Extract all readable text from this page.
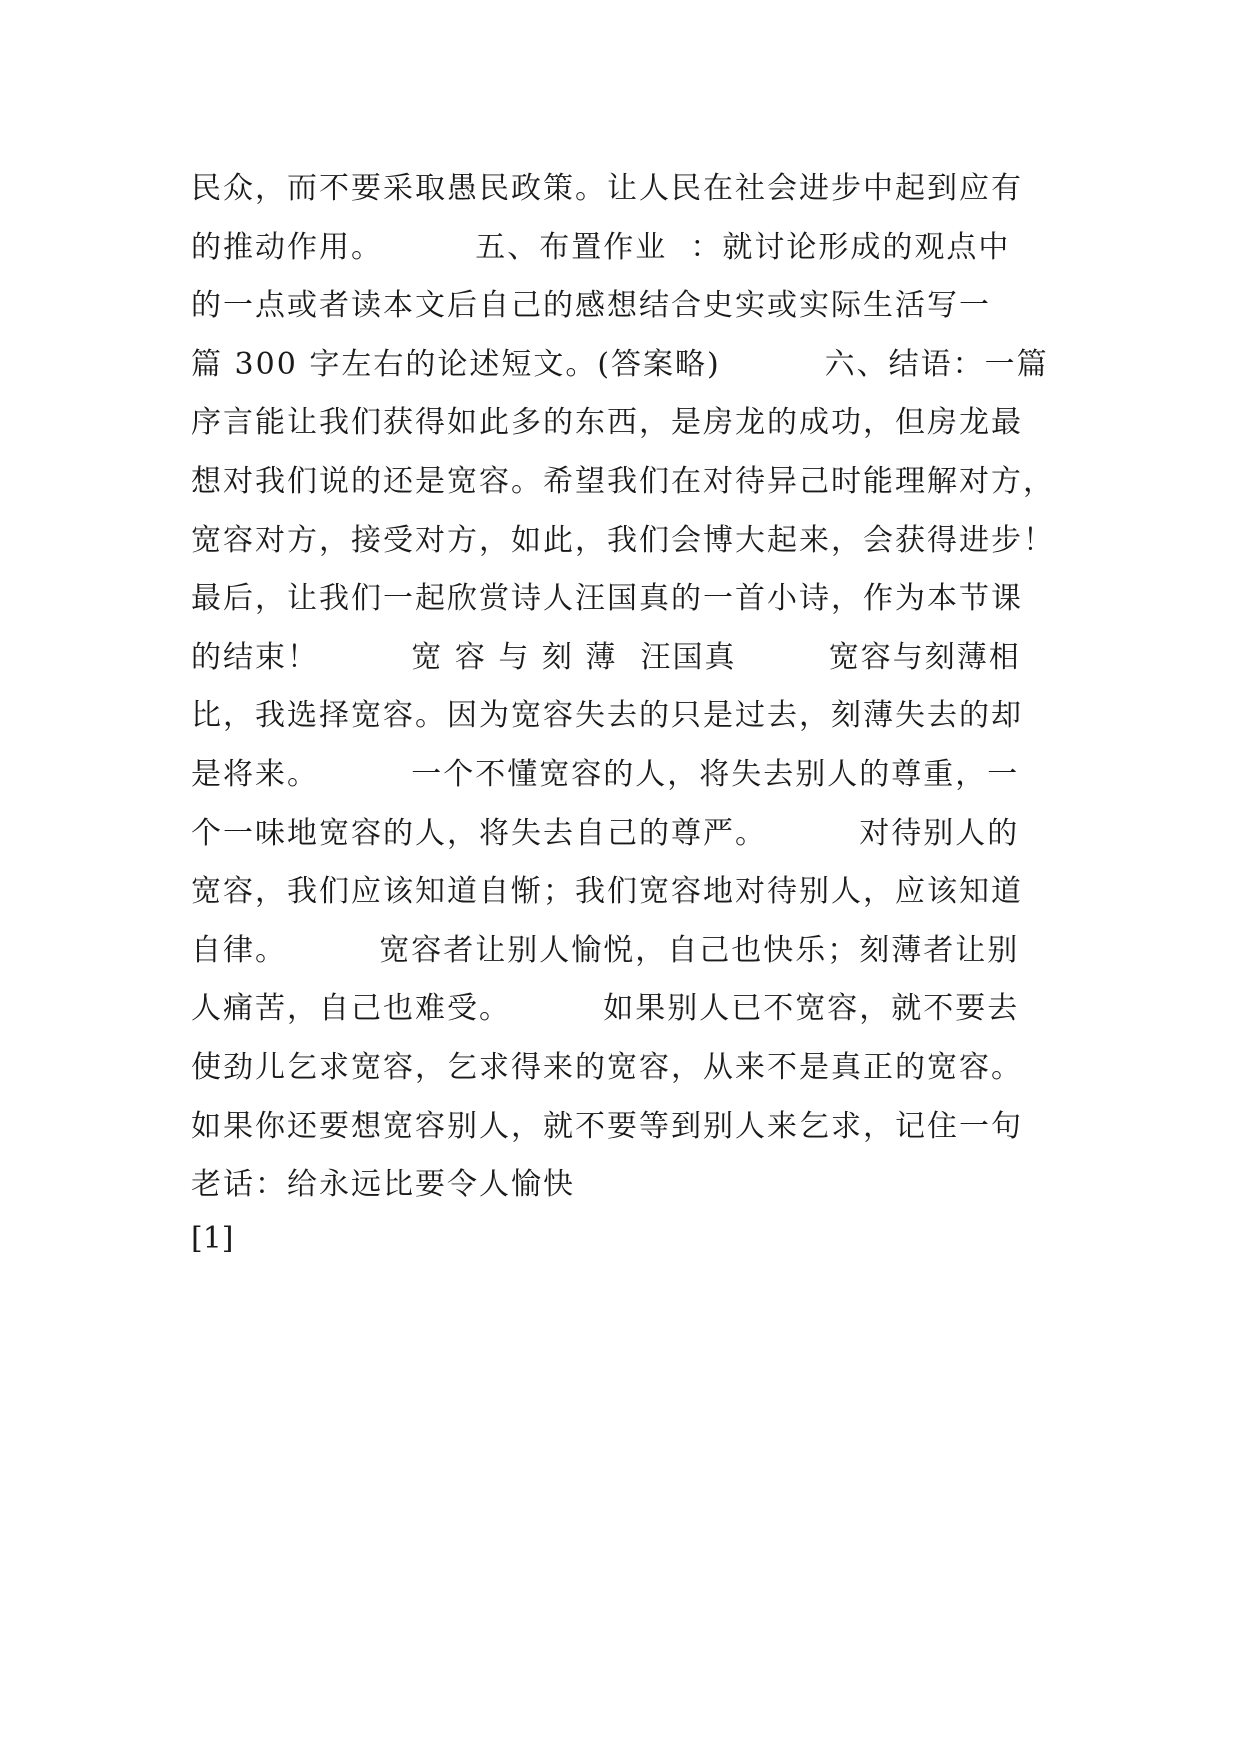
民众，而不要采取愚民政策。让人民在社会进步中起到应有
的推动作用。        五、布置作业  ：就讨论形成的观点中
的一点或者读本文后自己的感想结合史实或实际生活写一
篇 300 字左右的论述短文。(答案略)         六、结语：一篇
序言能让我们获得如此多的东西，是房龙的成功，但房龙最
想对我们说的还是宽容。希望我们在对待异己时能理解对方，
宽容对方，接受对方，如此，我们会博大起来，会获得进步！
最后，让我们一起欣赏诗人汪国真的一首小诗，作为本节课
的结束！        宽 容 与 刻 薄  汪国真        宽容与刻薄相
比，我选择宽容。因为宽容失去的只是过去，刻薄失去的却
是将来。        一个不懂宽容的人，将失去别人的尊重，一
个一味地宽容的人，将失去自己的尊严。        对待别人的
宽容，我们应该知道自惭；我们宽容地对待别人，应该知道
自律。        宽容者让别人愉悦，自己也快乐；刻薄者让别
人痛苦，自己也难受。        如果别人已不宽容，就不要去
使劲儿乞求宽容，乞求得来的宽容，从来不是真正的宽容。
如果你还要想宽容别人，就不要等到别人来乞求，记住一句
老话：给永远比要令人愉快
[1]
